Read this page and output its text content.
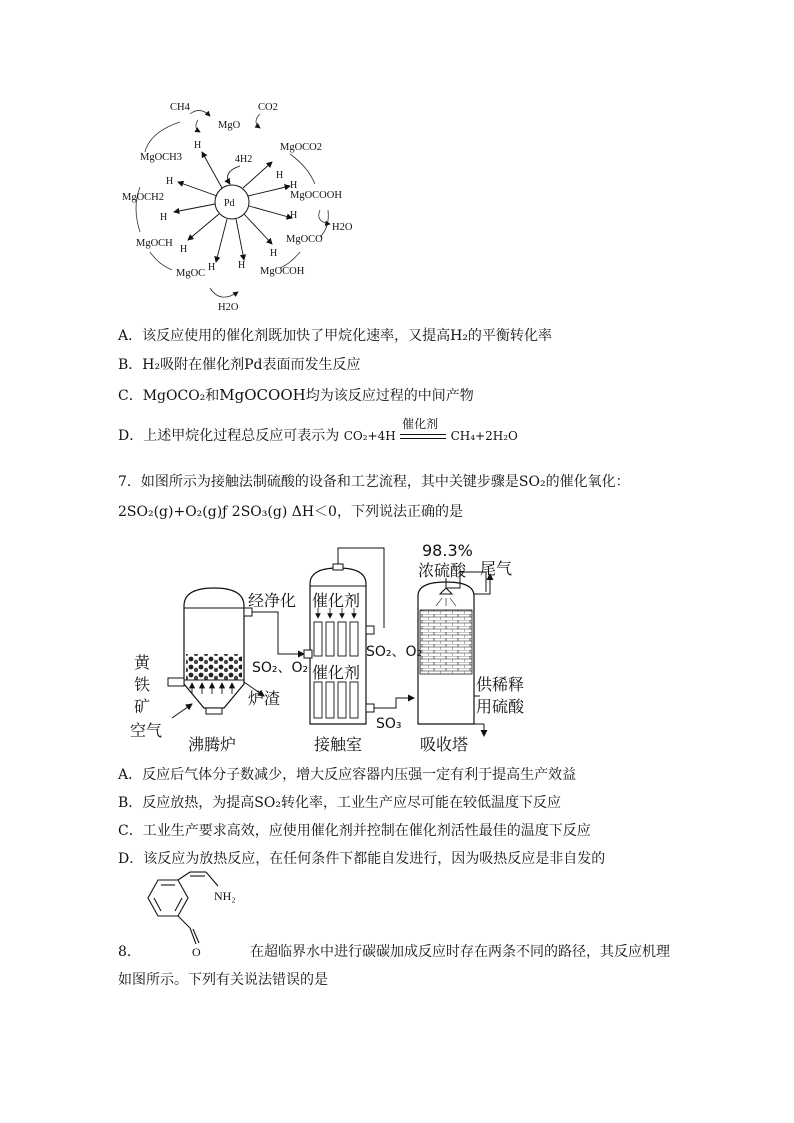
Pd
4H2
H
H
H
H
H H
H
H
H
H
CH4	CO2
MgO
MgOCO2
MgOCH3
MgOCOOH
MgOCH2
H2O
MgOCO
MgOCH
MgOC	MgOCOH
H2O
A．该反应使用的催化剂既加快了甲烷化速率，又提高H₂的平衡转化率
B．H₂吸附在催化剂Pd表面而发生反应
C．MgOCO₂和MgOCOOH均为该反应过程的中间产物
D．上述甲烷化过程总反应可表示为 CO₂+4H
催化剂
CH₄+2H₂O
7．如图所示为接触法制硫酸的设备和工艺流程，其中关键步骤是SO₂的催化氧化：
2SO₂(g)+O₂(g)ƒ 2SO₃(g) ΔH＜0，下列说法正确的是
经净化 催化剂
催化剂
98.3%
浓硫酸 尾气
黄
铁
矿
空气
SO₂、O₂
炉渣
SO₂、O₂
SO₃
供稀释
用硫酸
沸腾炉	接触室	吸收塔
A．反应后气体分子数减少，增大反应容器内压强一定有利于提高生产效益
B．反应放热，为提高SO₂转化率，工业生产应尽可能在较低温度下反应
C．工业生产要求高效，应使用催化剂并控制在催化剂活性最佳的温度下反应
D．该反应为放热反应，在任何条件下都能自发进行，因为吸热反应是非自发的
NH₂
O
8．	在超临界水中进行碳碳加成反应时存在两条不同的路径，其反应机理
如图所示。下列有关说法错误的是
